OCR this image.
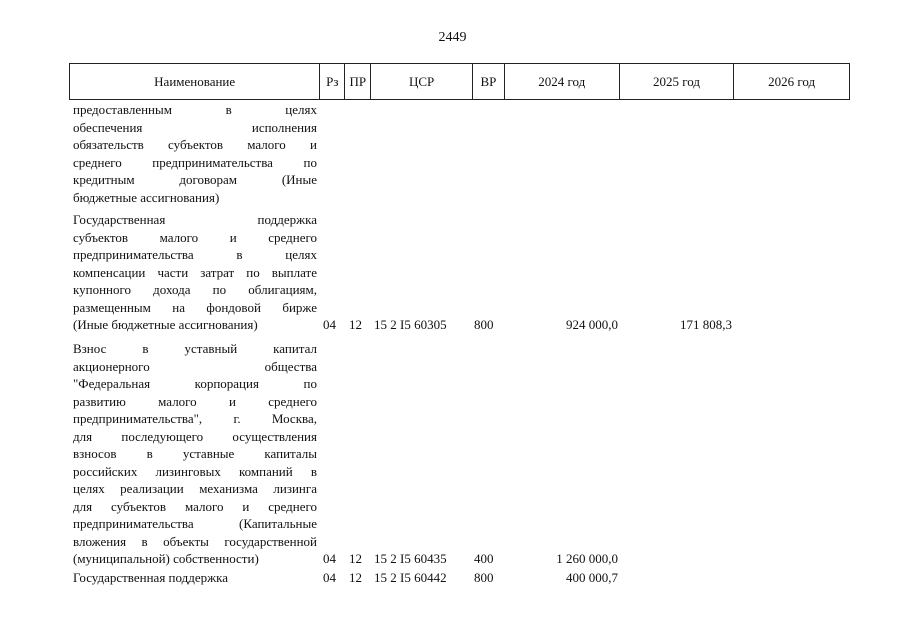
2449
Наименование	Рз ПР	ЦСР	ВР	2024 год	2025 год	2026 год
предоставленным в целях
обеспечения исполнения
обязательств субъектов малого и
среднего предпринимательства по
кредитным договорам (Иные
бюджетные ассигнования)
Государственная поддержка
субъектов малого и среднего
предпринимательства в целях
компенсации части затрат по выплате
купонного дохода по облигациям,
размещенным на фондовой бирже
(Иные бюджетные ассигнования)	04 12 15 2 I5 60305 800	924 000,0	171 808,3
Взнос в уставный капитал
акционерного общества
"Федеральная корпорация по
развитию малого и среднего
предпринимательства", г. Москва,
для последующего осуществления
взносов в уставные капиталы
российских лизинговых компаний в
целях реализации механизма лизинга
для субъектов малого и среднего
предпринимательства (Капитальные
вложения в объекты государственной
(муниципальной) собственности)	04 12 15 2 I5 60435 400	1 260 000,0
Государственная поддержка	04 12 15 2 I5 60442 800	400 000,7
